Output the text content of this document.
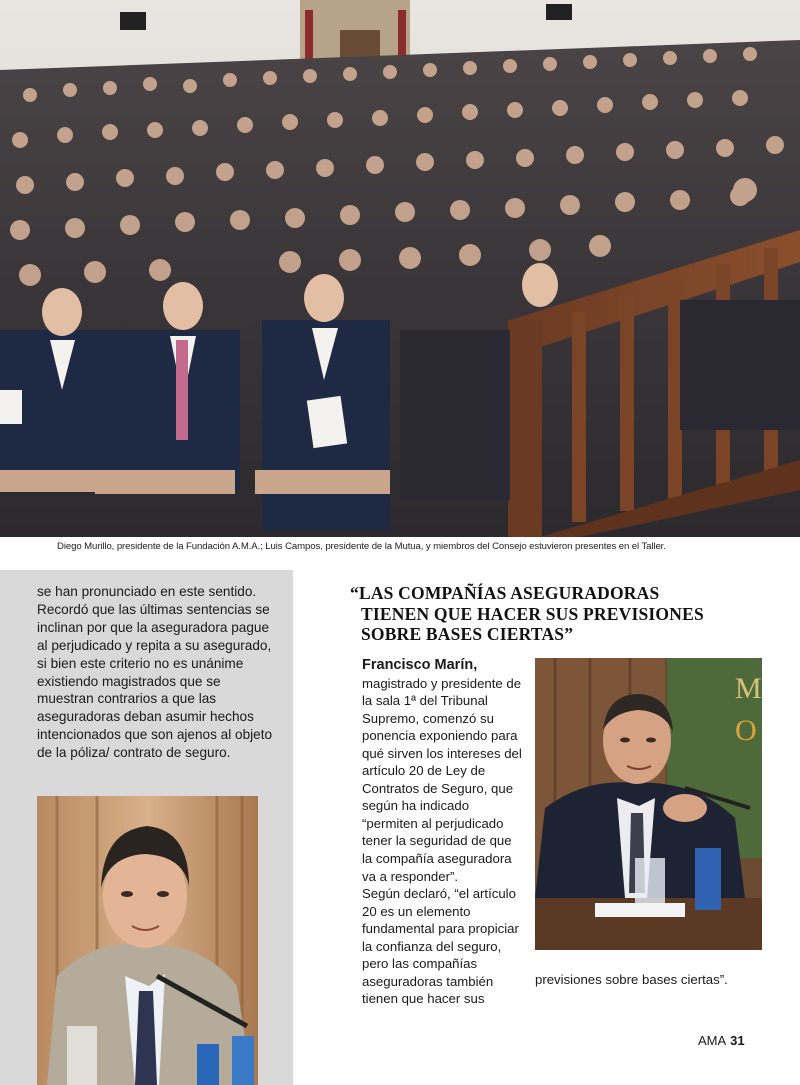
Diego Murillo, presidente de la Fundación A.M.A.; Luis Campos, presidente de la Mutua, y miembros del Consejo estuvieron presentes en el Taller.

se han pronunciado en este sentido. Recordó que las últimas sentencias se inclinan por que la aseguradora pague al perjudicado y repita a su asegurado, si bien este criterio no es unánime existiendo magistrados que se muestran contrarios a que las aseguradoras deban asumir hechos intencionados que son ajenos al objeto de la póliza/ contrato de seguro.

“LAS COMPAÑÍAS ASEGURADORAS
TIENEN QUE HACER SUS PREVISIONES
SOBRE BASES CIERTAS”

Francisco Marín,
magistrado y presidente de la sala 1ª del Tribunal Supremo, comenzó su ponencia exponiendo para qué sirven los intereses del artículo 20 de Ley de Contratos de Seguro, que según ha indicado “permiten al perjudicado tener la seguridad de que la compañía aseguradora va a responder”.

Según declaró, “el artículo 20 es un elemento fundamental para propiciar la confianza del seguro, pero las compañías aseguradoras también tienen que hacer sus

M
O
previsiones sobre bases ciertas”.
AMA 31
